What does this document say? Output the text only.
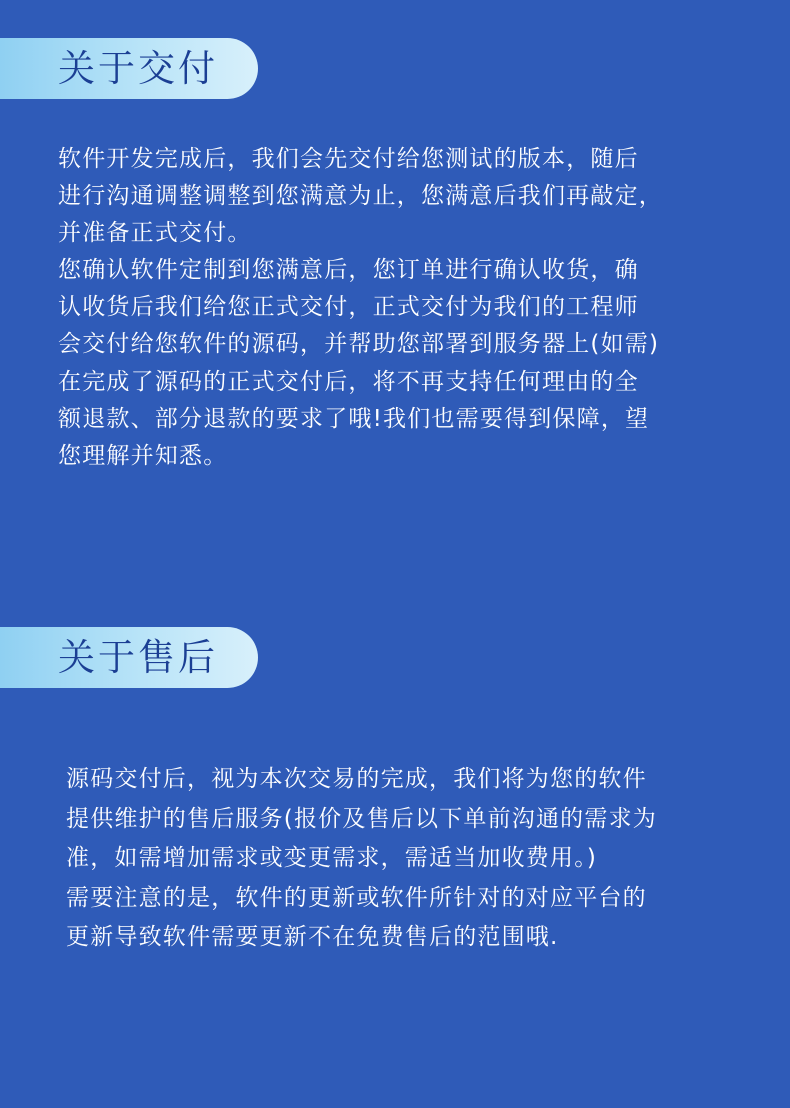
关于交付
软件开发完成后，我们会先交付给您测试的版本，随后
进行沟通调整调整到您满意为止，您满意后我们再敲定，
并准备正式交付。
您确认软件定制到您满意后，您订单进行确认收货，确
认收货后我们给您正式交付，正式交付为我们的工程师
会交付给您软件的源码，并帮助您部署到服务器上(如需)
在完成了源码的正式交付后，将不再支持任何理由的全
额退款、部分退款的要求了哦!我们也需要得到保障，望
您理解并知悉。
关于售后
源码交付后，视为本次交易的完成，我们将为您的软件
提供维护的售后服务(报价及售后以下单前沟通的需求为
准，如需增加需求或变更需求，需适当加收费用。)
需要注意的是，软件的更新或软件所针对的对应平台的
更新导致软件需要更新不在免费售后的范围哦.
